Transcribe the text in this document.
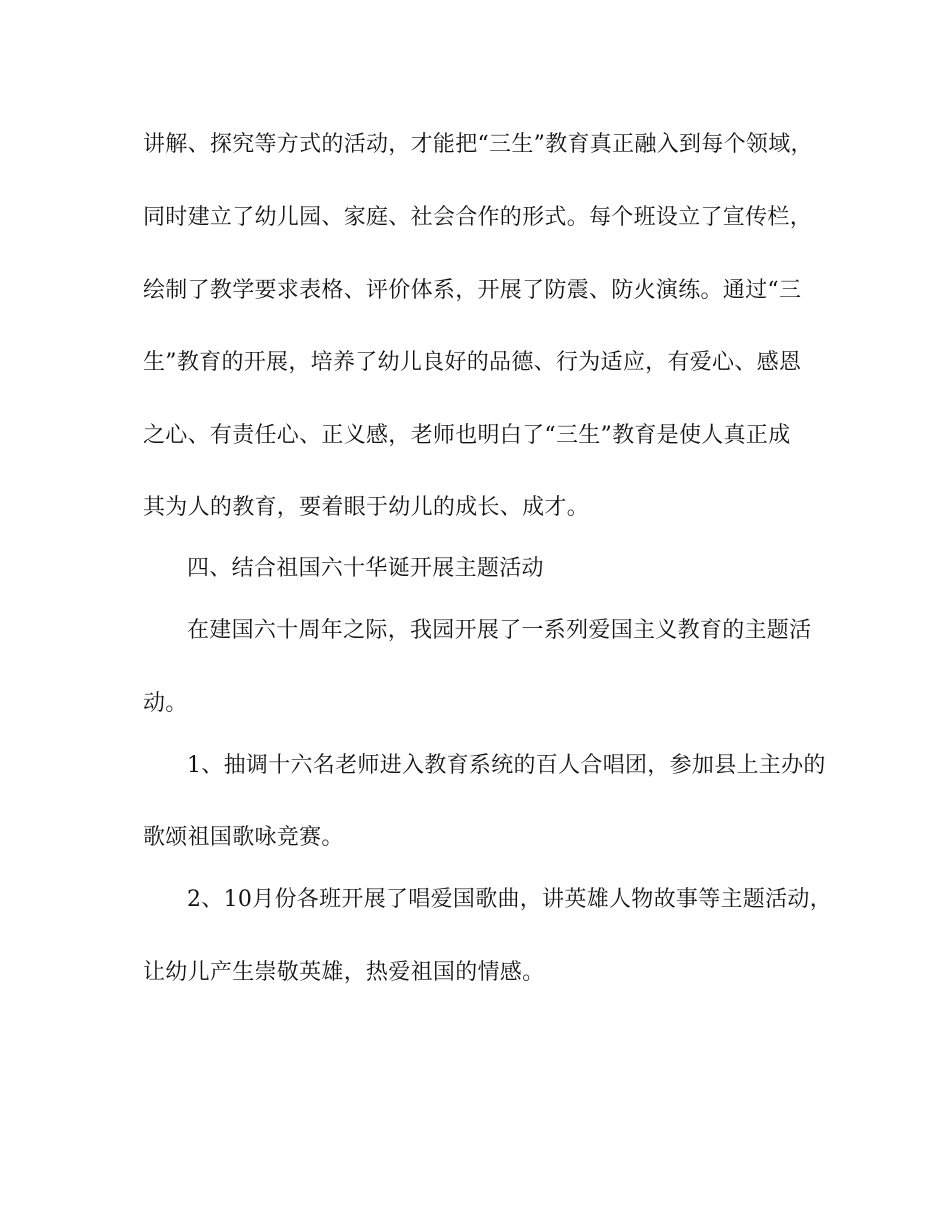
讲解、探究等方式的活动，才能把“三生”教育真正融入到每个领域，
同时建立了幼儿园、家庭、社会合作的形式。每个班设立了宣传栏，
绘制了教学要求表格、评价体系，开展了防震、防火演练。通过“三
生”教育的开展，培养了幼儿良好的品德、行为适应，有爱心、感恩
之心、有责任心、正义感，老师也明白了“三生”教育是使人真正成
其为人的教育，要着眼于幼儿的成长、成才。
四、结合祖国六十华诞开展主题活动
在建国六十周年之际，我园开展了一系列爱国主义教育的主题活
动。
1、抽调十六名老师进入教育系统的百人合唱团，参加县上主办的
歌颂祖国歌咏竞赛。
2、10月份各班开展了唱爱国歌曲，讲英雄人物故事等主题活动，
让幼儿产生崇敬英雄，热爱祖国的情感。
